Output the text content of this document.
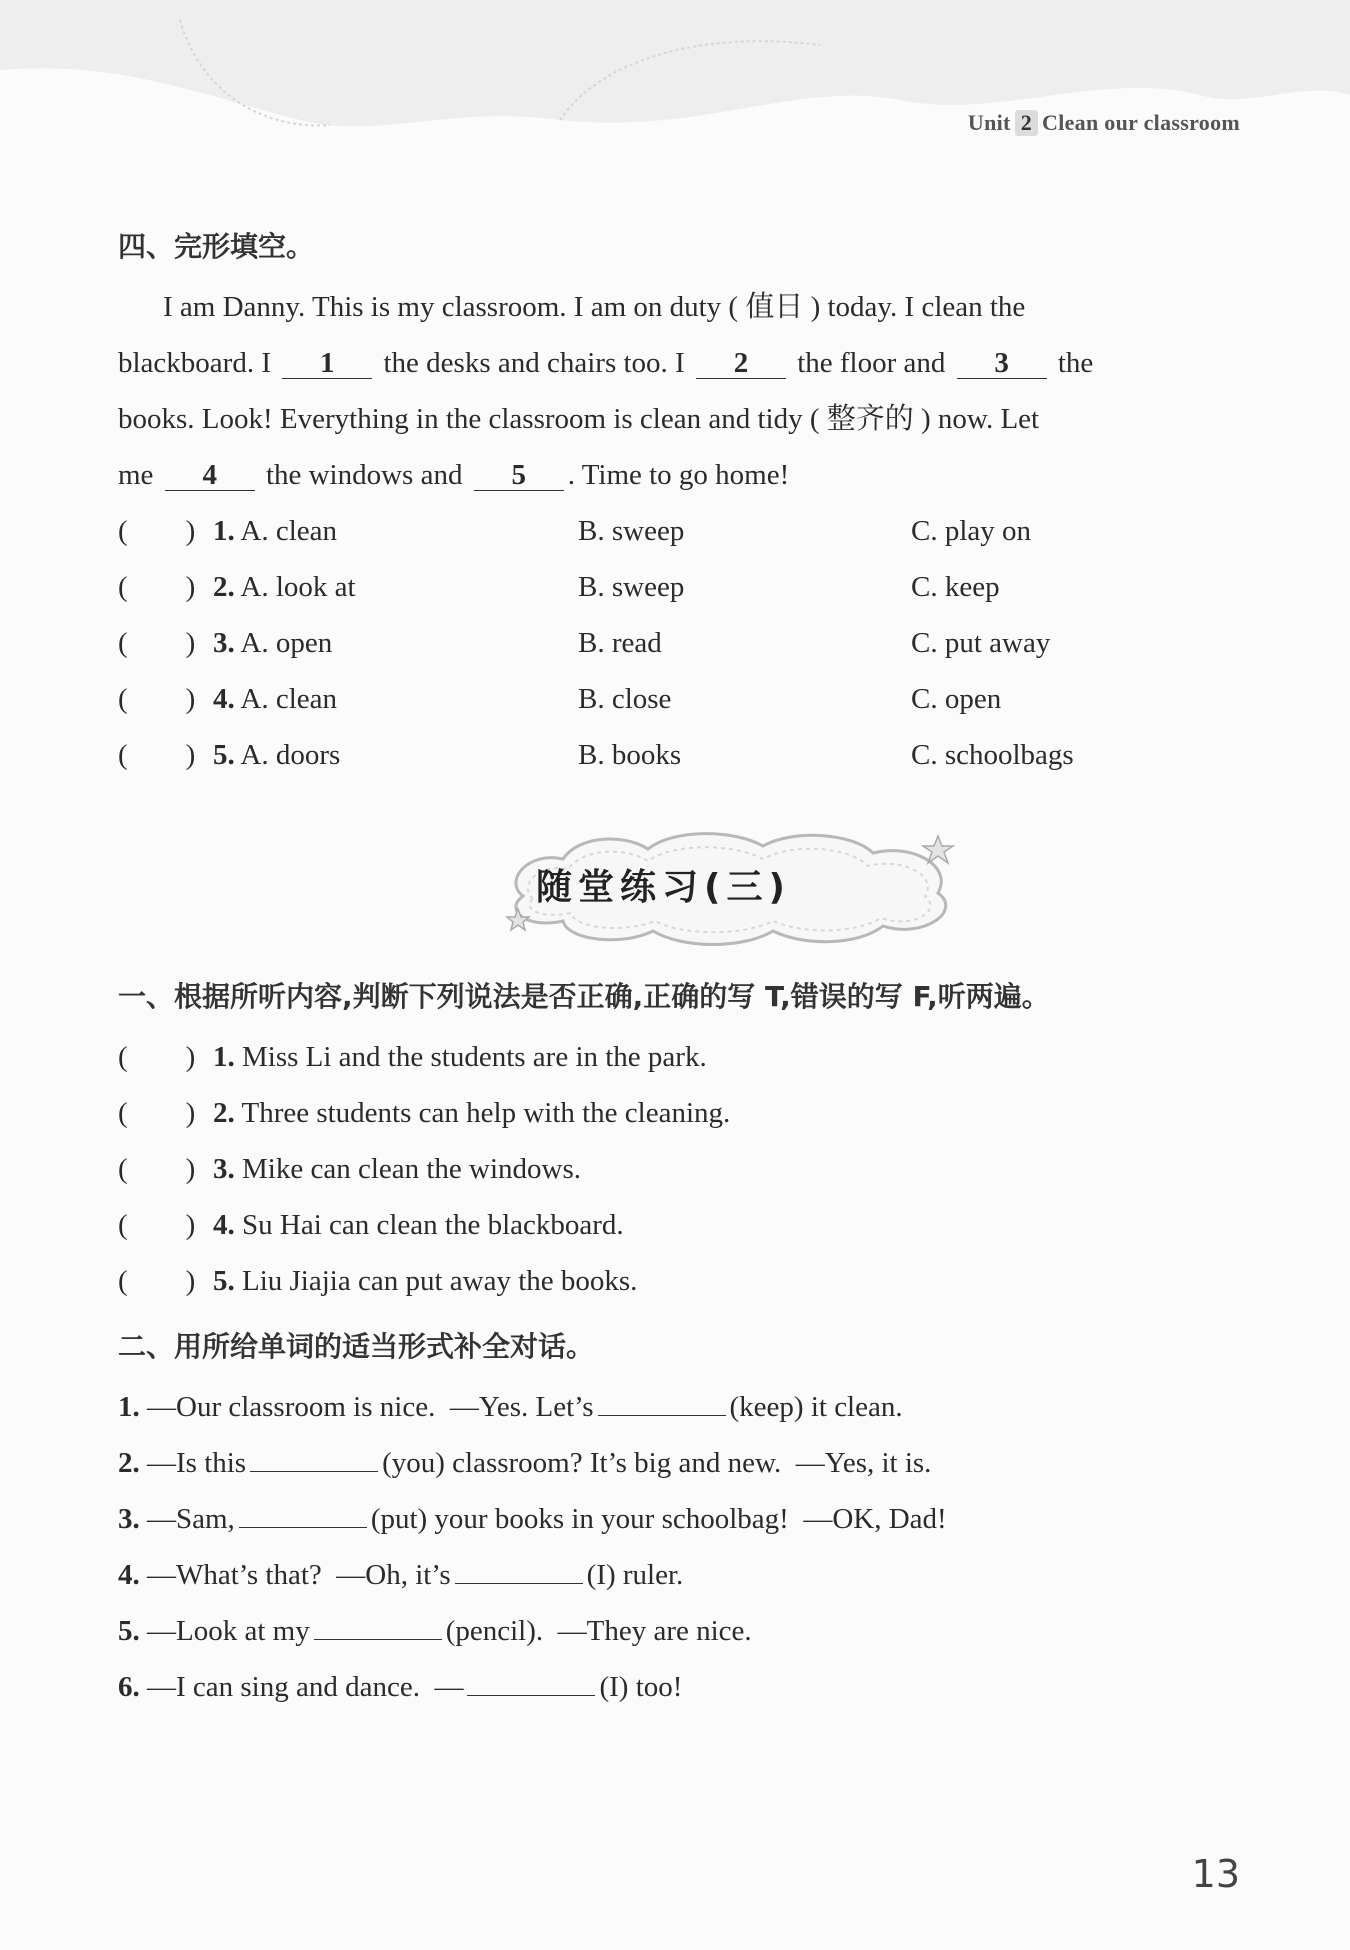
Unit 2 Clean our classroom
四、完形填空。

I am Danny. This is my classroom. I am on duty ( 值日 ) today. I clean the
blackboard. I 1 the desks and chairs too. I 2 the floor and 3 the
books. Look! Everything in the classroom is clean and tidy ( 整齐的 ) now. Let
me 4 the windows and 5 . Time to go home!

(        ) 1. A. clean	B. sweep	C. play on
(        ) 2. A. look at	B. sweep	C. keep
(        ) 3. A. open	B. read	C. put away
(        ) 4. A. clean	B. close	C. open
(        ) 5. A. doors	B. books	C. schoolbags
随堂练习(三)
一、根据所听内容,判断下列说法是否正确,正确的写 T,错误的写 F,听两遍。
(        ) 1. Miss Li and the students are in the park.
(        ) 2. Three students can help with the cleaning.
(        ) 3. Mike can clean the windows.
(        ) 4. Su Hai can clean the blackboard.
(        ) 5. Liu Jiajia can put away the books.
二、用所给单词的适当形式补全对话。
1. —Our classroom is nice.  —Yes. Let’s	(keep) it clean.
2. —Is this	(you) classroom? It’s big and new.  —Yes, it is.
3. —Sam,	(put) your books in your schoolbag!  —OK, Dad!
4. —What’s that?  —Oh, it’s	(I) ruler.
5. —Look at my	(pencil).  —They are nice.
6. —I can sing and dance.  —	(I) too!
13
